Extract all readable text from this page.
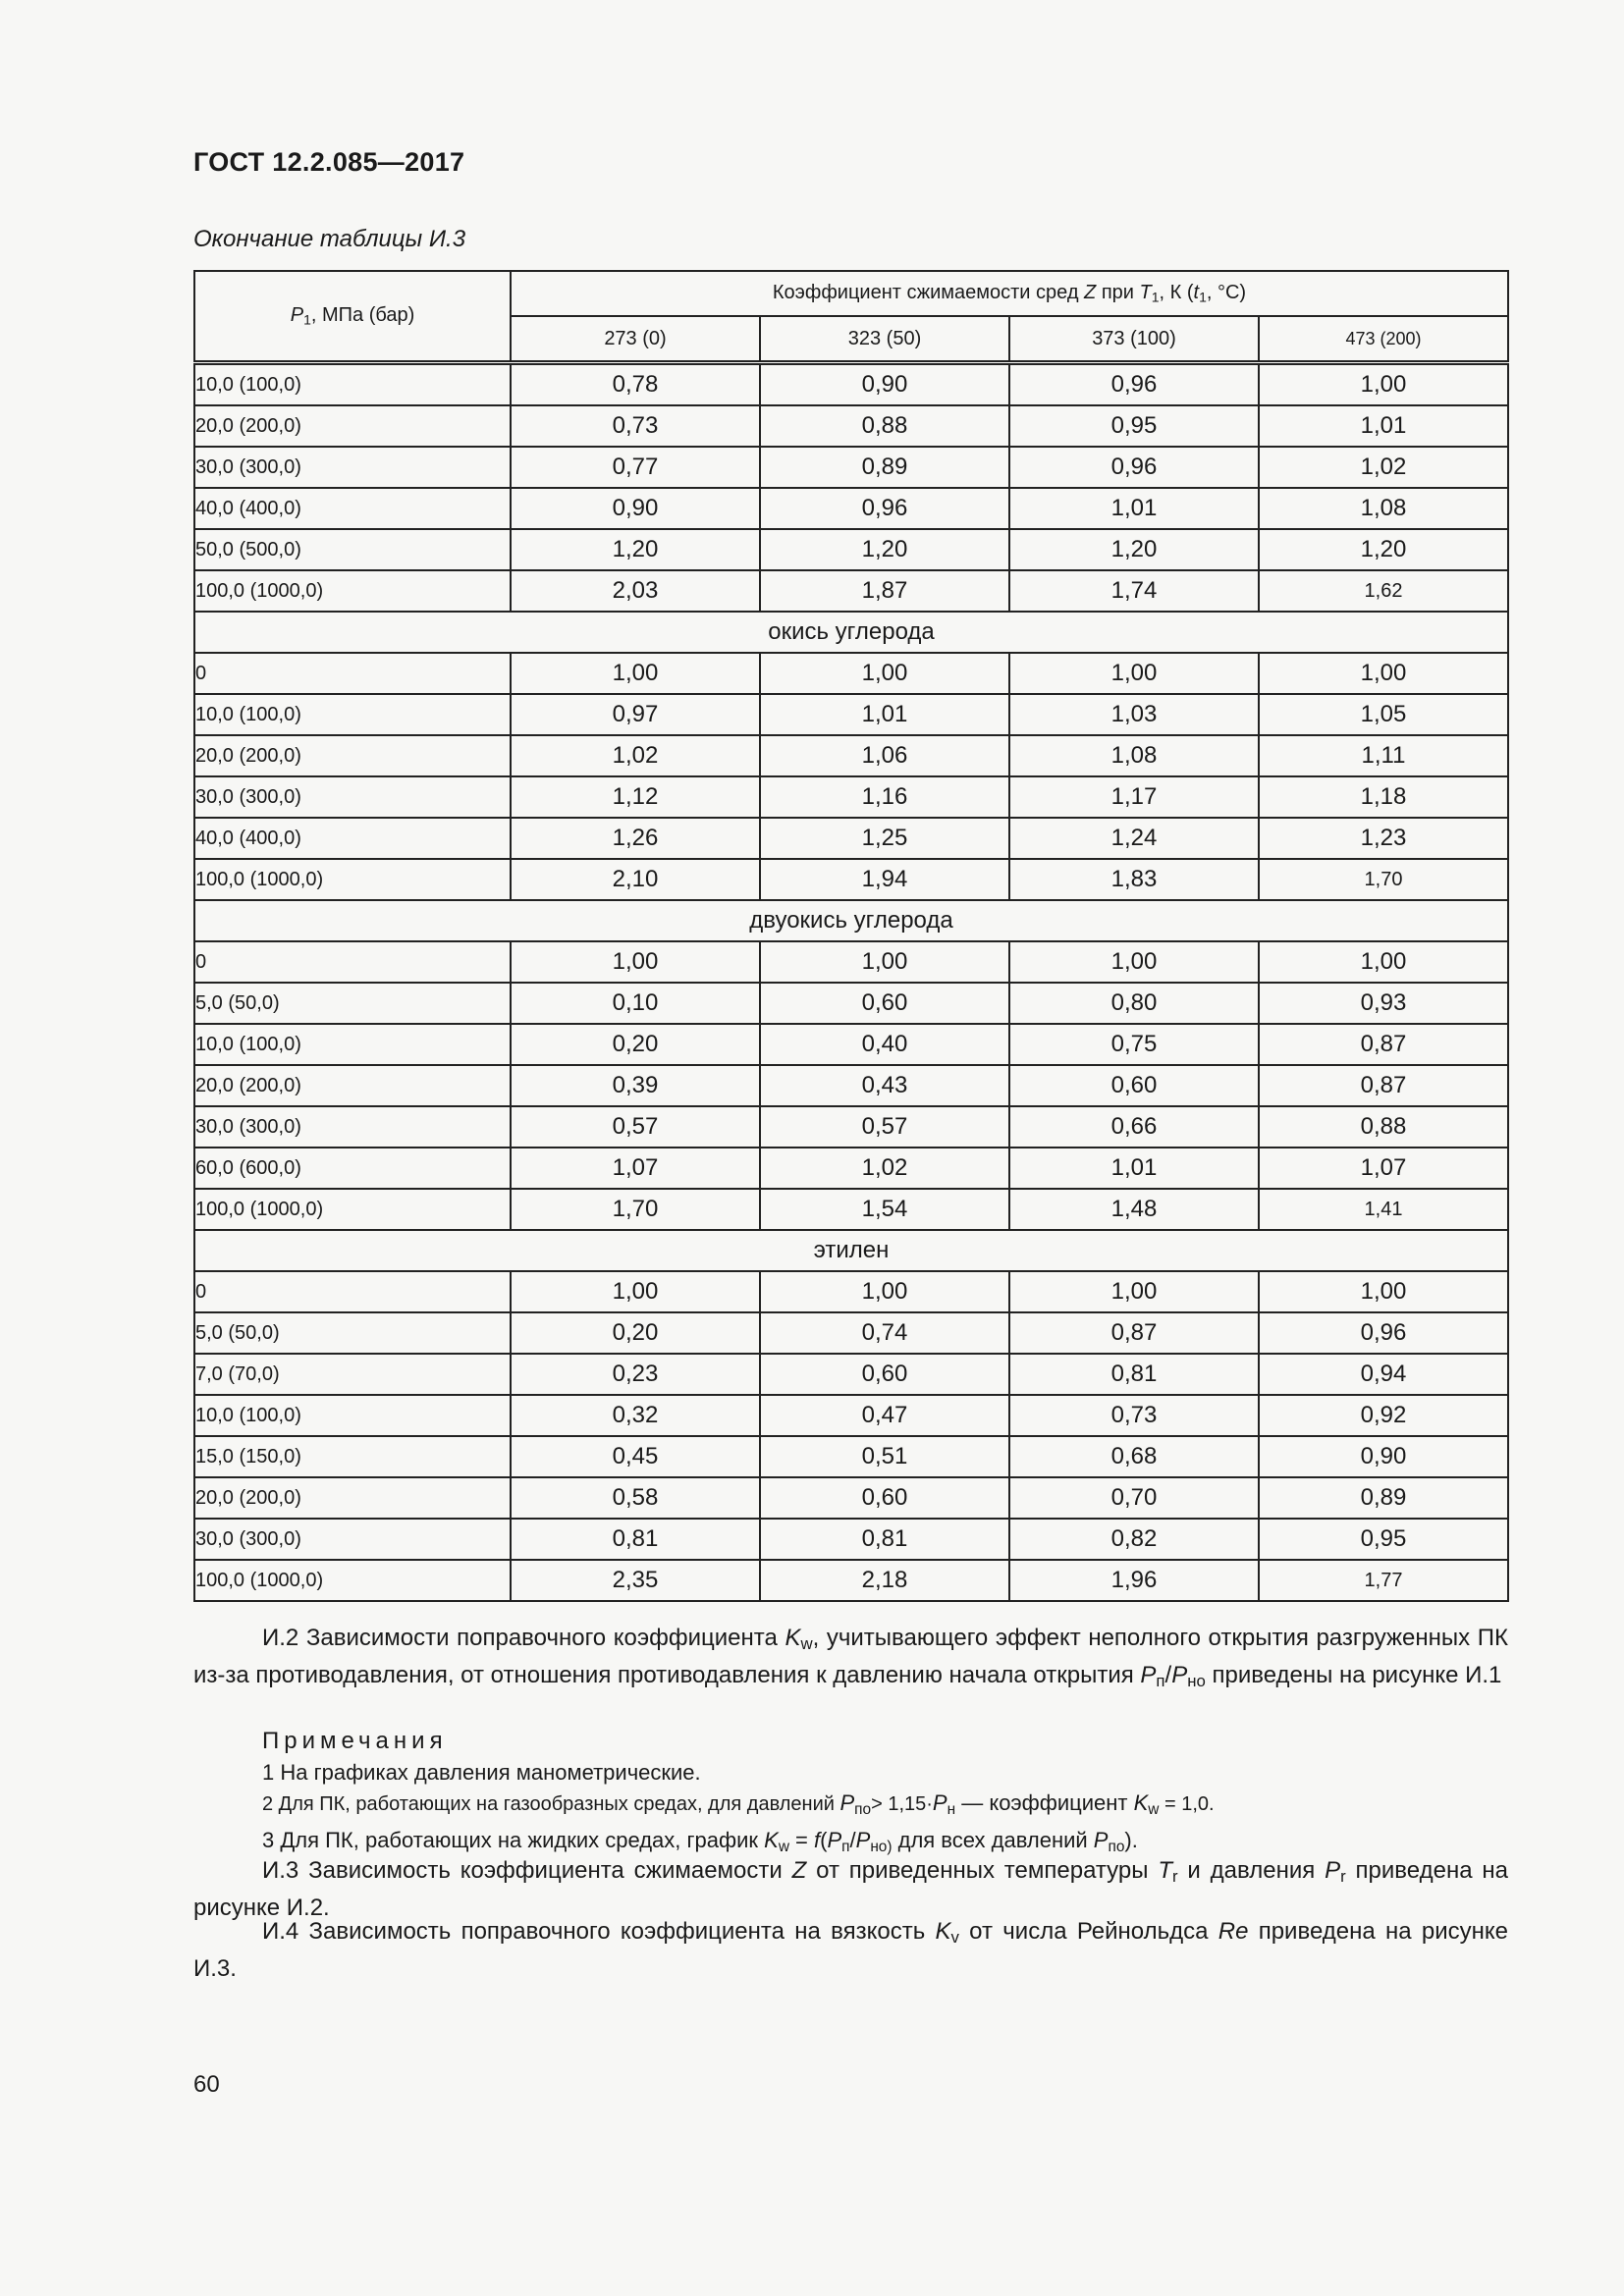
ГОСТ 12.2.085—2017
Окончание таблицы И.3
$P_1$, МПа (бар)	Коэффициент сжимаемости сред Z при $T_1$, К ($t_1$, °С)			
	273 (0)	323 (50)	373 (100)	473 (200)
10,0 (100,0)	0,78	0,90	0,96	1,00
20,0 (200,0)	0,73	0,88	0,95	1,01
30,0 (300,0)	0,77	0,89	0,96	1,02
40,0 (400,0)	0,90	0,96	1,01	1,08
50,0 (500,0)	1,20	1,20	1,20	1,20
100,0 (1000,0)	2,03	1,87	1,74	1,62
окись углерода				
0	1,00	1,00	1,00	1,00
10,0 (100,0)	0,97	1,01	1,03	1,05
20,0 (200,0)	1,02	1,06	1,08	1,11
30,0 (300,0)	1,12	1,16	1,17	1,18
40,0 (400,0)	1,26	1,25	1,24	1,23
100,0 (1000,0)	2,10	1,94	1,83	1,70
двуокись углерода				
0	1,00	1,00	1,00	1,00
5,0 (50,0)	0,10	0,60	0,80	0,93
10,0 (100,0)	0,20	0,40	0,75	0,87
20,0 (200,0)	0,39	0,43	0,60	0,87
30,0 (300,0)	0,57	0,57	0,66	0,88
60,0 (600,0)	1,07	1,02	1,01	1,07
100,0 (1000,0)	1,70	1,54	1,48	1,41
этилен				
0	1,00	1,00	1,00	1,00
5,0 (50,0)	0,20	0,74	0,87	0,96
7,0 (70,0)	0,23	0,60	0,81	0,94
10,0 (100,0)	0,32	0,47	0,73	0,92
15,0 (150,0)	0,45	0,51	0,68	0,90
20,0 (200,0)	0,58	0,60	0,70	0,89
30,0 (300,0)	0,81	0,81	0,82	0,95
100,0 (1000,0)	2,35	2,18	1,96	1,77
И.2 Зависимости поправочного коэффициента $K_w$, учитывающего эффект неполного открытия разгруженных ПК из-за противодавления, от отношения противодавления к давлению начала открытия $P_п/P_{но}$ приведены на рисунке И.1
Примечания
1 На графиках давления манометрические.
2 Для ПК, работающих на газообразных средах, для давлений $P_{по}> 1,15\cdot P_н$ — коэффициент $K_w = 1,0$.
3 Для ПК, работающих на жидких средах, график $K_w = f(P_п/P_{но)}$ для всех давлений $P_{по}$).
И.3 Зависимость коэффициента сжимаемости Z от приведенных температуры $T_r$ и давления $P_r$ приведена на рисунке И.2.
И.4 Зависимость поправочного коэффициента на вязкость $K_v$ от числа Рейнольдса Re приведена на рисунке И.3.
60
